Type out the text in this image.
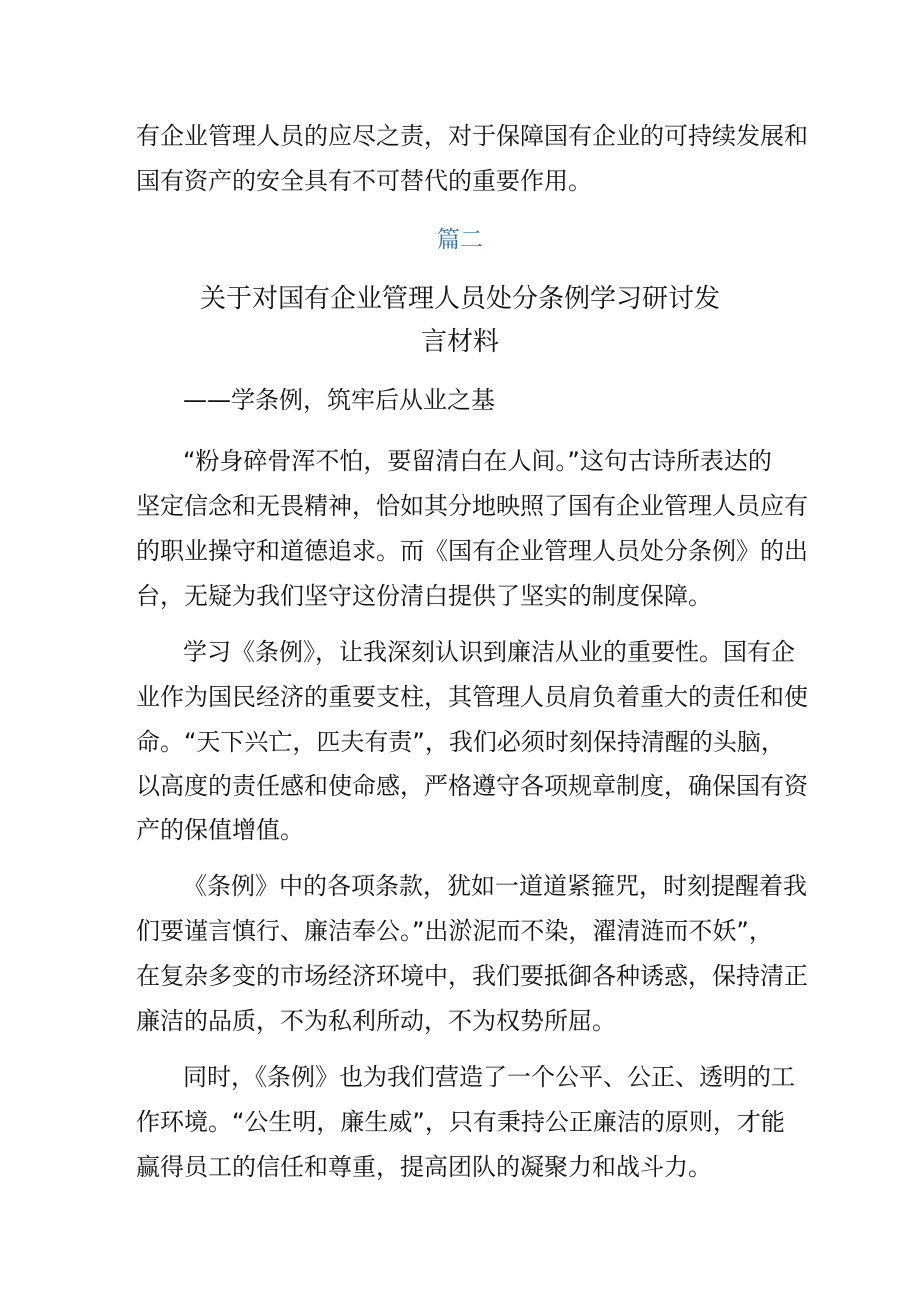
有企业管理人员的应尽之责，对于保障国有企业的可持续发展和
国有资产的安全具有不可替代的重要作用。
篇二
关于对国有企业管理人员处分条例学习研讨发
言材料
——学条例，筑牢后从业之基
“粉身碎骨浑不怕，要留清白在人间。”这句古诗所表达的
坚定信念和无畏精神，恰如其分地映照了国有企业管理人员应有
的职业操守和道德追求。而《国有企业管理人员处分条例》的出
台，无疑为我们坚守这份清白提供了坚实的制度保障。
学习《条例》，让我深刻认识到廉洁从业的重要性。国有企
业作为国民经济的重要支柱，其管理人员肩负着重大的责任和使
命。“天下兴亡，匹夫有责”，我们必须时刻保持清醒的头脑，
以高度的责任感和使命感，严格遵守各项规章制度，确保国有资
产的保值增值。
《条例》中的各项条款，犹如一道道紧箍咒，时刻提醒着我
们要谨言慎行、廉洁奉公。”出淤泥而不染，濯清涟而不妖”，
在复杂多变的市场经济环境中，我们要抵御各种诱惑，保持清正
廉洁的品质，不为私利所动，不为权势所屈。
同时，《条例》也为我们营造了一个公平、公正、透明的工
作环境。“公生明，廉生威”，只有秉持公正廉洁的原则，才能
赢得员工的信任和尊重，提高团队的凝聚力和战斗力。
